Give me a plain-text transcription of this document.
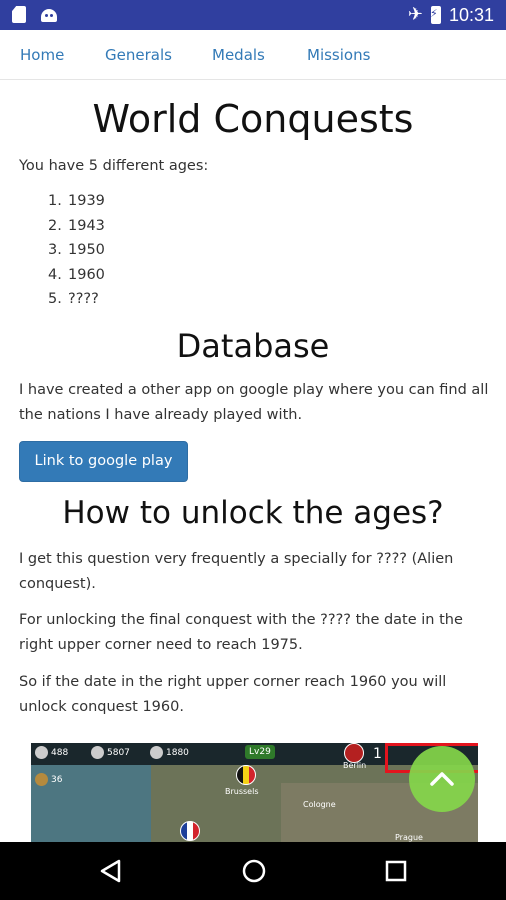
✈
⚡ 10:31
Home	Generals	Medals	Missions
World Conquests

You have 5 different ages:

1. 1939
2. 1943
3. 1950
4. 1960
5. ????
Database

I have created a other app on google play where you can find all the nations I have already played with.

Link to google play
How to unlock the ages?

I get this question very frequently a specially for ???? (Alien conquest).

For unlocking the final conquest with the ???? the date in the right upper corner need to reach 1975.

So if the date in the right upper corner reach 1960 you will unlock conquest 1960.

488	5807	1880
36
Lv29
Brussels
Cologne
Prague
Berlin
1
